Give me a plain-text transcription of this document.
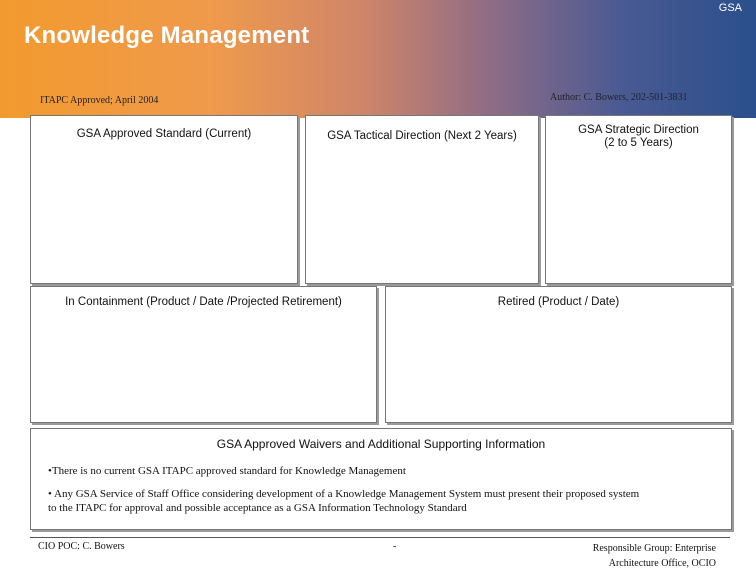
GSA
Knowledge Management
ITAPC Approved; April 2004	Author: C. Bowers, 202-501-3831
GSA Approved Standard (Current)	GSA Tactical Direction (Next 2 Years)	GSA Strategic Direction
(2 to 5 Years)
In Containment (Product / Date /Projected Retirement)	Retired (Product / Date)
GSA Approved Waivers and Additional Supporting Information
•There is no current GSA ITAPC approved standard for Knowledge Management
• Any GSA Service of Staff Office considering development of a Knowledge Management System must present their proposed system
to the ITAPC for approval and possible acceptance as a GSA Information Technology Standard
CIO POC: C. Bowers	-	Responsible Group: Enterprise
Architecture Office, OCIO
